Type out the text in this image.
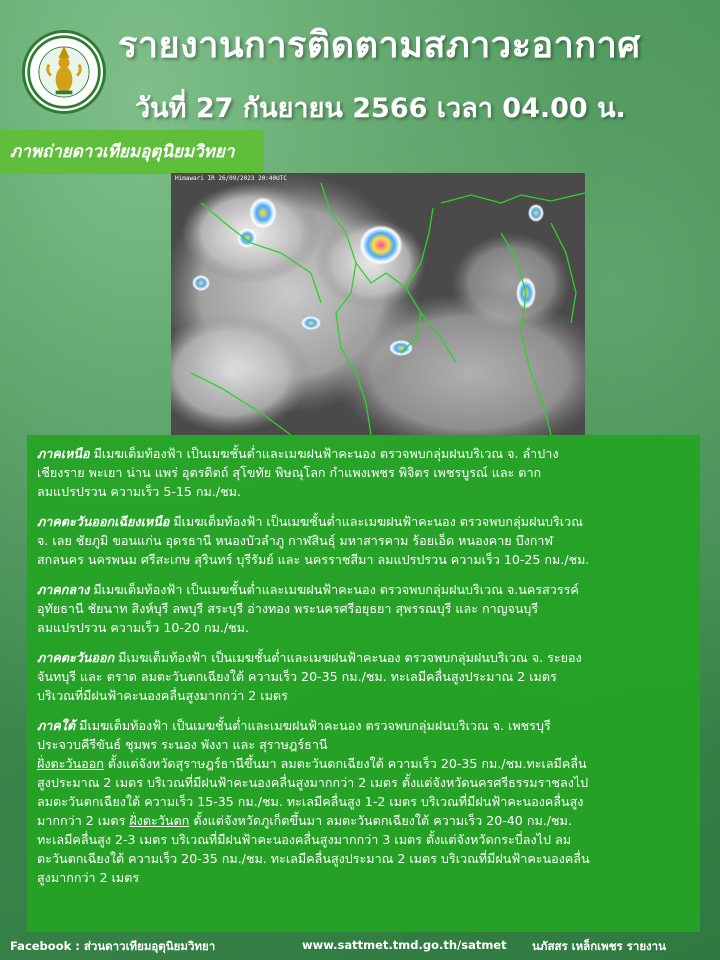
รายงานการติดตามสภาวะอากาศ
วันที่ 27 กันยายน 2566 เวลา 04.00 น.
ภาพถ่ายดาวเทียมอุตุนิยมวิทยา
Himawari IR 26/09/2023 20:40UTC

ภาคเหนือ มีเมฆเต็มท้องฟ้า เป็นเมฆชั้นต่ำและเมฆฝนฟ้าคะนอง ตรวจพบกลุ่มฝนบริเวณ จ. ลำปาง
เชียงราย พะเยา น่าน แพร่ อุตรดิตถ์ สุโขทัย พิษณุโลก กำแพงเพชร พิจิตร เพชรบูรณ์ และ ตาก
ลมแปรปรวน ความเร็ว 5-15 กม./ชม.

ภาคตะวันออกเฉียงเหนือ มีเมฆเต็มท้องฟ้า เป็นเมฆชั้นต่ำและเมฆฝนฟ้าคะนอง ตรวจพบกลุ่มฝนบริเวณ
จ. เลย ชัยภูมิ ขอนแก่น อุดรธานี หนองบัวลำภู กาฬสินธุ์ มหาสารคาม ร้อยเอ็ด หนองคาย บึงกาฬ
สกลนคร นครพนม ศรีสะเกษ สุรินทร์ บุรีรัมย์ และ นครราชสีมา ลมแปรปรวน ความเร็ว 10-25 กม./ชม.

ภาคกลาง มีเมฆเต็มท้องฟ้า เป็นเมฆชั้นต่ำและเมฆฝนฟ้าคะนอง ตรวจพบกลุ่มฝนบริเวณ จ.นครสวรรค์
อุทัยธานี ชัยนาท สิงห์บุรี ลพบุรี สระบุรี อ่างทอง พระนครศรีอยุธยา สุพรรณบุรี และ กาญจนบุรี
ลมแปรปรวน ความเร็ว 10-20 กม./ชม.

ภาคตะวันออก มีเมฆเต็มท้องฟ้า เป็นเมฆชั้นต่ำและเมฆฝนฟ้าคะนอง ตรวจพบกลุ่มฝนบริเวณ จ. ระยอง
จันทบุรี และ ตราด ลมตะวันตกเฉียงใต้ ความเร็ว 20-35 กม./ชม. ทะเลมีคลื่นสูงประมาณ 2 เมตร
บริเวณที่มีฝนฟ้าคะนองคลื่นสูงมากกว่า 2 เมตร

ภาคใต้ มีเมฆเต็มท้องฟ้า เป็นเมฆชั้นต่ำและเมฆฝนฟ้าคะนอง ตรวจพบกลุ่มฝนบริเวณ จ. เพชรบุรี
ประจวบคีรีขันธ์ ชุมพร ระนอง พังงา และ สุราษฎร์ธานี
ฝั่งตะวันออก ตั้งแต่จังหวัดสุราษฎร์ธานีขึ้นมา ลมตะวันตกเฉียงใต้ ความเร็ว 20-35 กม./ชม.ทะเลมีคลื่น
สูงประมาณ 2 เมตร บริเวณที่มีฝนฟ้าคะนองคลื่นสูงมากกว่า 2 เมตร ตั้งแต่จังหวัดนครศรีธรรมราชลงไป
ลมตะวันตกเฉียงใต้ ความเร็ว 15-35 กม./ชม. ทะเลมีคลื่นสูง 1-2 เมตร บริเวณที่มีฝนฟ้าคะนองคลื่นสูง
มากกว่า 2 เมตร ฝั่งตะวันตก ตั้งแต่จังหวัดภูเก็ตขึ้นมา ลมตะวันตกเฉียงใต้ ความเร็ว 20-40 กม./ชม.
ทะเลมีคลื่นสูง 2-3 เมตร บริเวณที่มีฝนฟ้าคะนองคลื่นสูงมากกว่า 3 เมตร ตั้งแต่จังหวัดกระบี่ลงไป ลม
ตะวันตกเฉียงใต้ ความเร็ว 20-35 กม./ชม. ทะเลมีคลื่นสูงประมาณ 2 เมตร บริเวณที่มีฝนฟ้าคะนองคลื่น
สูงมากกว่า 2 เมตร

Facebook : ส่วนดาวเทียมอุตุนิยมวิทยา	www.sattmet.tmd.go.th/satmet นภัสสร เหล็กเพชร รายงาน
